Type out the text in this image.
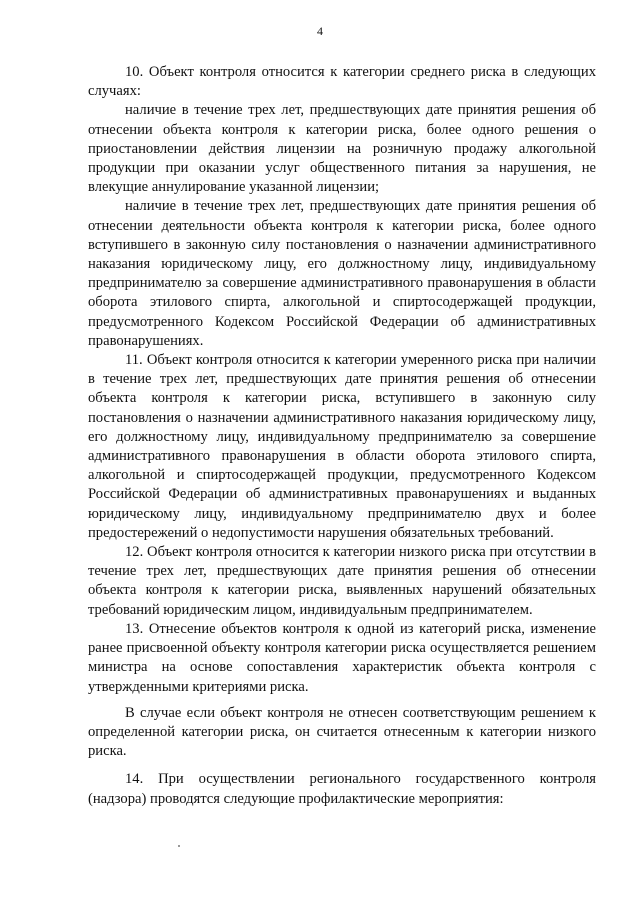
4

10. Объект контроля относится к категории среднего риска в следующих случаях:

наличие в течение трех лет, предшествующих дате принятия решения об отнесении объекта контроля к категории риска, более одного решения о приостановлении действия лицензии на розничную продажу алкогольной продукции при оказании услуг общественного питания за нарушения, не влекущие аннулирование указанной лицензии;

наличие в течение трех лет, предшествующих дате принятия решения об отнесении деятельности объекта контроля к категории риска, более одного вступившего в законную силу постановления о назначении административного наказания юридическому лицу, его должностному лицу, индивидуальному предпринимателю за совершение административного правонарушения в области оборота этилового спирта, алкогольной и спиртосодержащей продукции, предусмотренного Кодексом Российской Федерации об административных правонарушениях.

11. Объект контроля относится к категории умеренного риска при наличии в течение трех лет, предшествующих дате принятия решения об отнесении объекта контроля к категории риска, вступившего в законную силу постановления о назначении административного наказания юридическому лицу, его должностному лицу, индивидуальному предпринимателю за совершение административного правонарушения в области оборота этилового спирта, алкогольной и спиртосодержащей продукции, предусмотренного Кодексом Российской Федерации об административных правонарушениях и выданных юридическому лицу, индивидуальному предпринимателю двух и более предостережений о недопустимости нарушения обязательных требований.

12. Объект контроля относится к категории низкого риска при отсутствии в течение трех лет, предшествующих дате принятия решения об отнесении объекта контроля к категории риска, выявленных нарушений обязательных требований юридическим лицом, индивидуальным предпринимателем.

13. Отнесение объектов контроля к одной из категорий риска, изменение ранее присвоенной объекту контроля категории риска осуществляется решением министра на основе сопоставления характеристик объекта контроля с утвержденными критериями риска.

В случае если объект контроля не отнесен соответствующим решением к определенной категории риска, он считается отнесенным к категории низкого риска.

14. При осуществлении регионального государственного контроля (надзора) проводятся следующие профилактические мероприятия:
